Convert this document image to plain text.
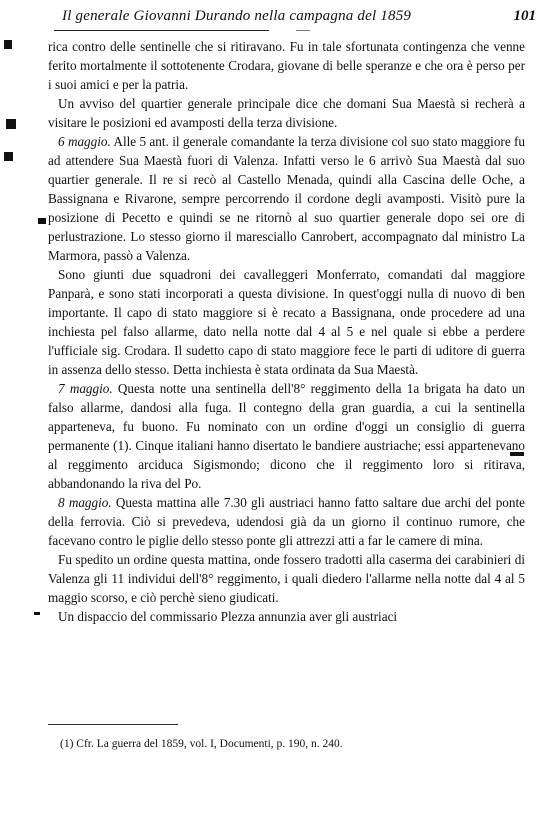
Il generale Giovanni Durando nella campagna del 1859	101

rica contro delle sentinelle che si ritiravano. Fu in tale sfortunata contingenza che venne ferito mortalmente il sottotenente Crodara, giovane di belle speranze e che ora è perso per i suoi amici e per la patria.

Un avviso del quartier generale principale dice che domani Sua Maestà si recherà a visitare le posizioni ed avamposti della terza divisione.

6 maggio. Alle 5 ant. il generale comandante la terza divisione col suo stato maggiore fu ad attendere Sua Maestà fuori di Valenza. Infatti verso le 6 arrivò Sua Maestà dal suo quartier generale. Il re si recò al Castello Menada, quindi alla Cascina delle Oche, a Bassignana e Rivarone, sempre percorrendo il cordone degli avamposti. Visitò pure la posizione di Pecetto e quindi se ne ritornò al suo quartier generale dopo sei ore di perlustrazione. Lo stesso giorno il maresciallo Canrobert, accompagnato dal ministro La Marmora, passò a Valenza.

Sono giunti due squadroni dei cavalleggeri Monferrato, comandati dal maggiore Panparà, e sono stati incorporati a questa divisione. In quest'oggi nulla di nuovo di ben importante. Il capo di stato maggiore si è recato a Bassignana, onde procedere ad una inchiesta pel falso allarme, dato nella notte dal 4 al 5 e nel quale si ebbe a perdere l'ufficiale sig. Crodara. Il sudetto capo di stato maggiore fece le parti di uditore di guerra in assenza dello stesso. Detta inchiesta è stata ordinata da Sua Maestà.

7 maggio. Questa notte una sentinella dell'8° reggimento della 1a brigata ha dato un falso allarme, dandosi alla fuga. Il contegno della gran guardia, a cui la sentinella apparteneva, fu buono. Fu nominato con un ordine d'oggi un consiglio di guerra permanente (1). Cinque italiani hanno disertato le bandiere austriache; essi appartenevano al reggimento arciduca Sigismondo; dicono che il reggimento loro si ritirava, abbandonando la riva del Po.

8 maggio. Questa mattina alle 7.30 gli austriaci hanno fatto saltare due archi del ponte della ferrovia. Ciò si prevedeva, udendosi già da un giorno il continuo rumore, che facevano contro le piglie dello stesso ponte gli attrezzi atti a far le camere di mina.

Fu spedito un ordine questa mattina, onde fossero tradotti alla caserma dei carabinieri di Valenza gli 11 individui dell'8° reggimento, i quali diedero l'allarme nella notte dal 4 al 5 maggio scorso, e ciò perchè sieno giudicati.

Un dispaccio del commissario Plezza annunzia aver gli austriaci

(1) Cfr. La guerra del 1859, vol. I, Documenti, p. 190, n. 240.
